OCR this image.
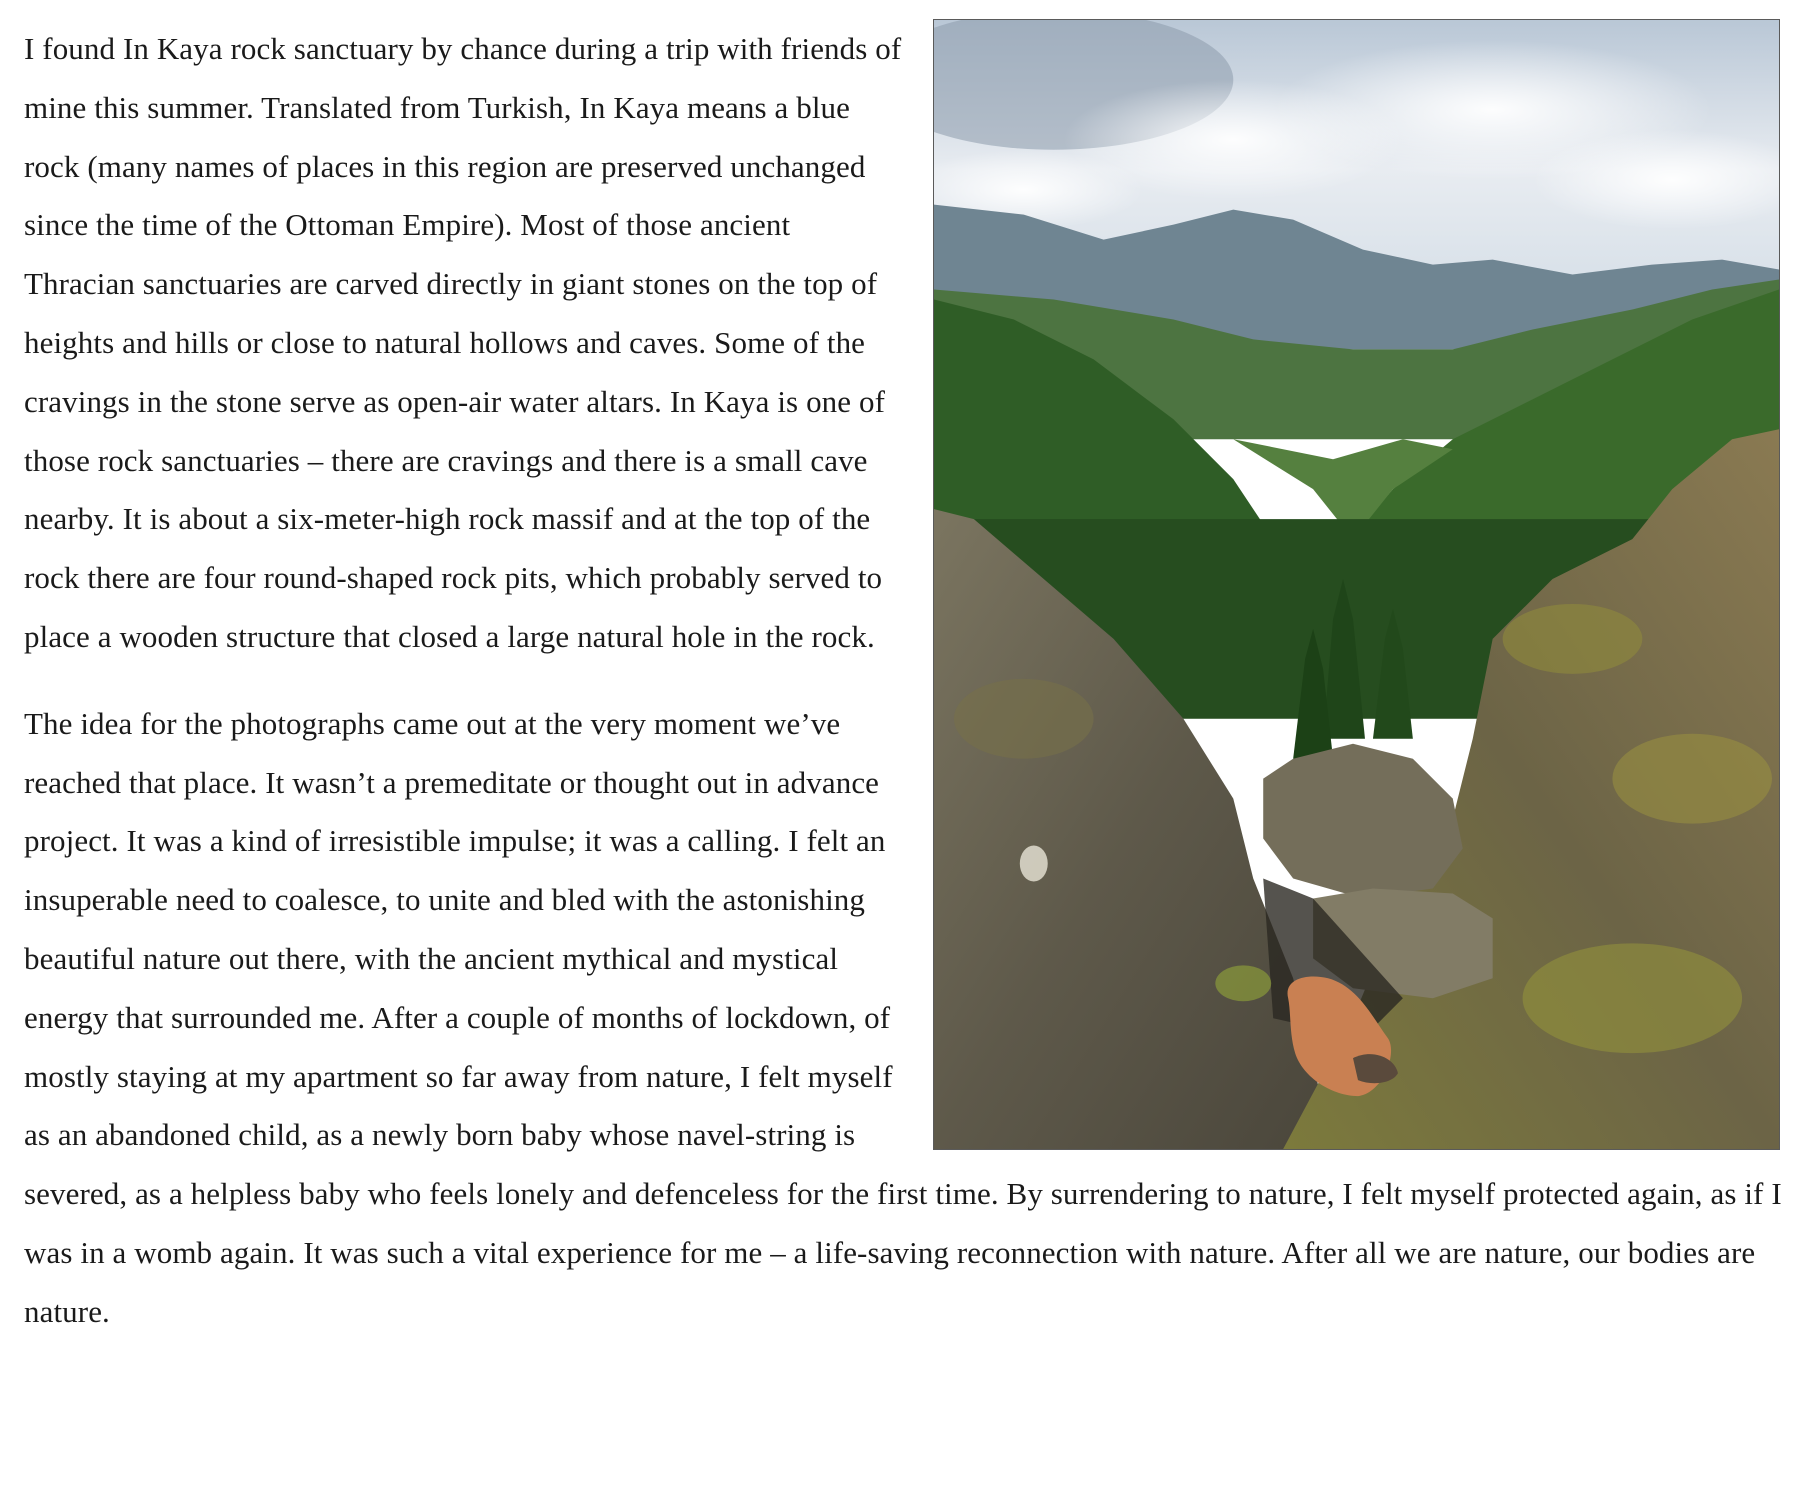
I found In Kaya rock sanctuary by chance during a trip with friends of mine this summer. Translated from Turkish, In Kaya means a blue rock (many names of places in this region are preserved unchanged since the time of the Ottoman Empire). Most of those ancient Thracian sanctuaries are carved directly in giant stones on the top of heights and hills or close to natural hollows and caves. Some of the cravings in the stone serve as open-air water altars. In Kaya is one of those rock sanctuaries – there are cravings and there is a small cave nearby. It is about a six-meter-high rock massif and at the top of the rock there are four round-shaped rock pits, which probably served to place a wooden structure that closed a large natural hole in the rock.

The idea for the photographs came out at the very moment we’ve reached that place. It wasn’t a premeditate or thought out in advance project. It was a kind of irresistible impulse; it was a calling. I felt an insuperable need to coalesce, to unite and bled with the astonishing beautiful nature out there, with the ancient mythical and mystical energy that surrounded me. After a couple of months of lockdown, of mostly staying at my apartment so far away from nature, I felt myself as an abandoned child, as a newly born baby whose navel-string is severed, as a helpless baby who feels lonely and defenceless for the first time. By surrendering to nature, I felt myself protected again, as if I was in a womb again. It was such a vital experience for me – a life-saving reconnection with nature. After all we are nature, our bodies are nature.
